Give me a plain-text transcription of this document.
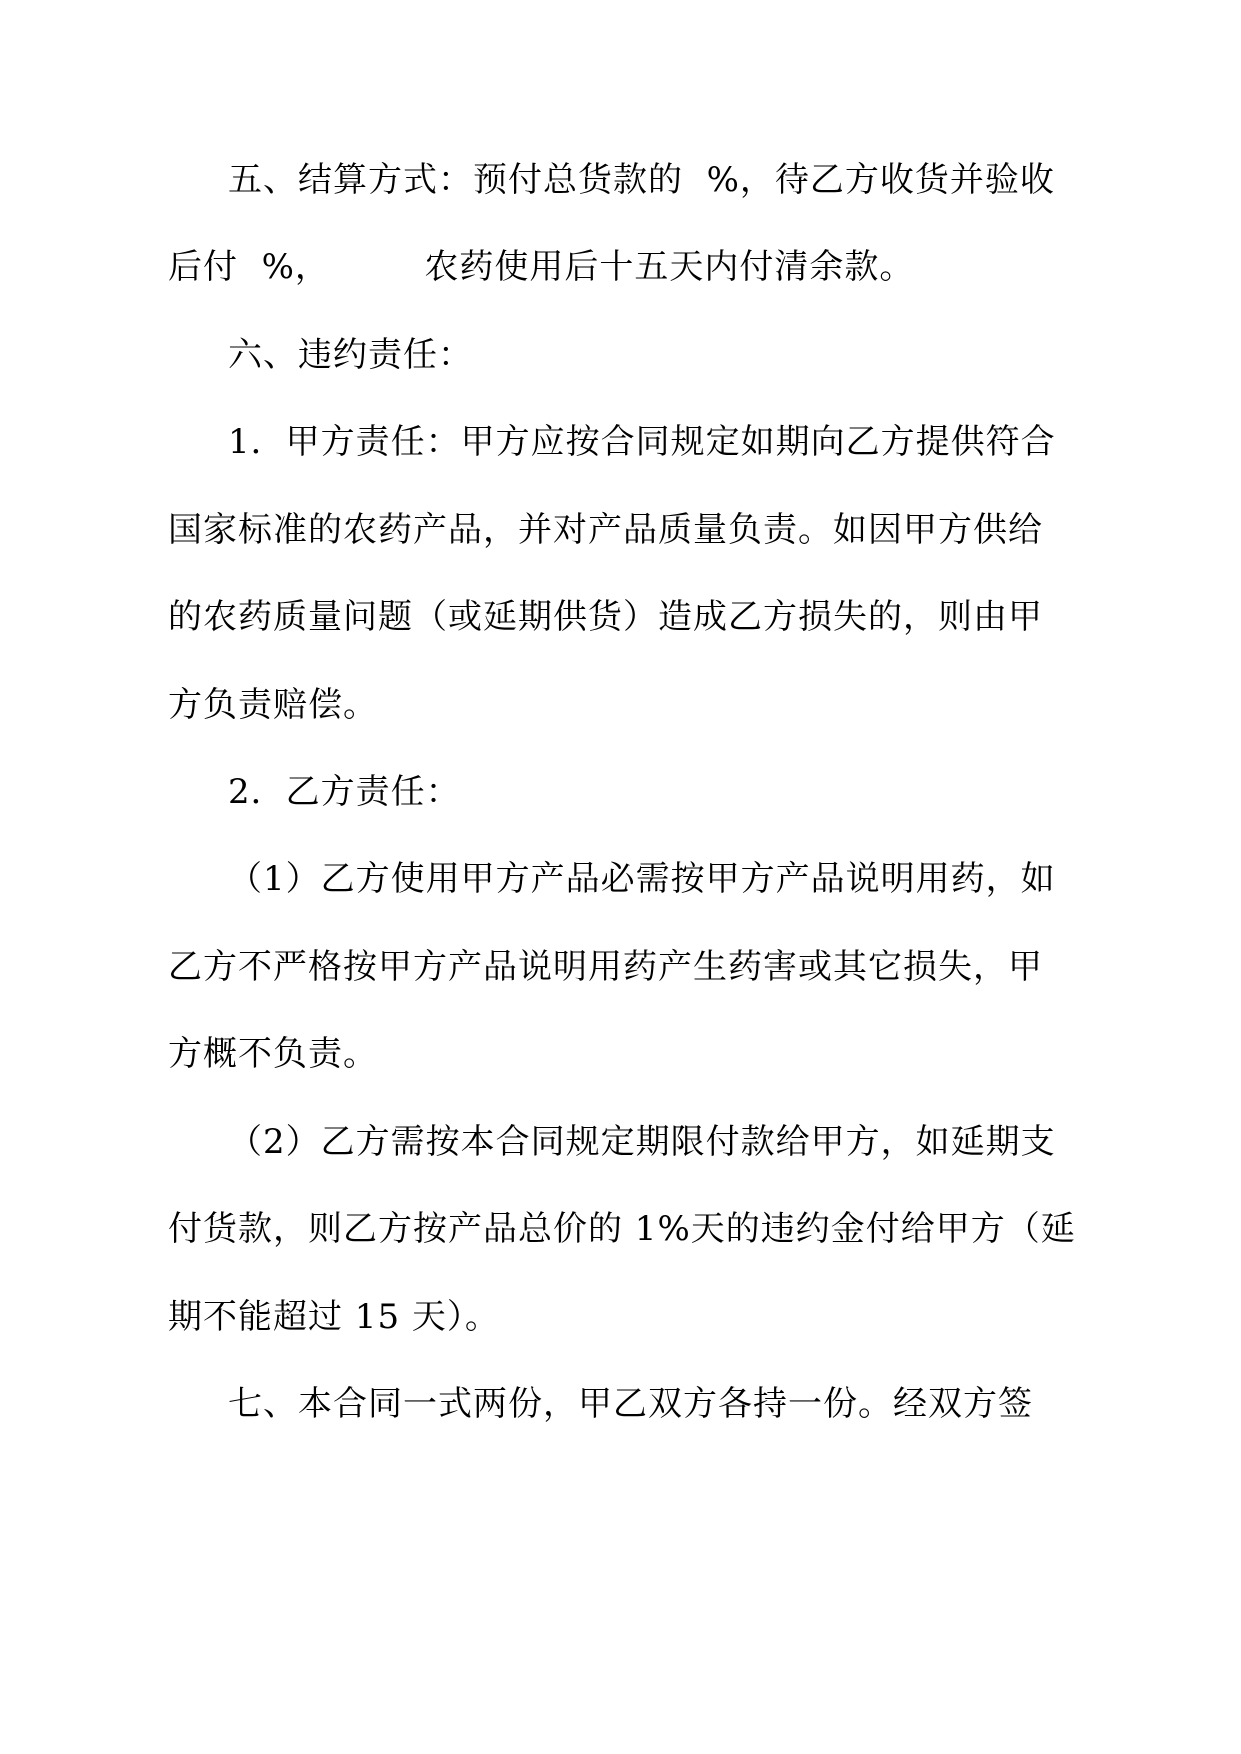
五、结算方式：预付总货款的  %，待乙方收货并验收

后付  %，        农药使用后十五天内付清余款。

六、违约责任：

1．甲方责任：甲方应按合同规定如期向乙方提供符合

国家标准的农药产品，并对产品质量负责。如因甲方供给

的农药质量问题（或延期供货）造成乙方损失的，则由甲

方负责赔偿。

2．乙方责任：

（1）乙方使用甲方产品必需按甲方产品说明用药，如

乙方不严格按甲方产品说明用药产生药害或其它损失，甲

方概不负责。

（2）乙方需按本合同规定期限付款给甲方，如延期支

付货款，则乙方按产品总价的 1%天的违约金付给甲方（延

期不能超过 15 天）。

七、本合同一式两份，甲乙双方各持一份。经双方签
